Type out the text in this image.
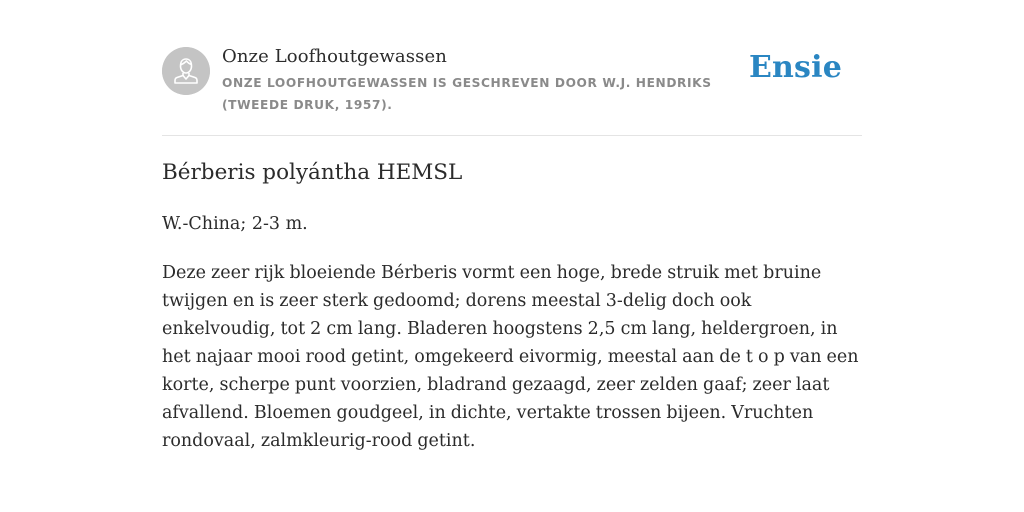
Onze Loofhoutgewassen
ONZE LOOFHOUTGEWASSEN IS GESCHREVEN DOOR W.J. HENDRIKS (TWEEDE DRUK, 1957).
Ensie
Bérberis polyántha HEMSL
W.-China; 2-3 m.

Deze zeer rijk bloeiende Bérberis vormt een hoge, brede struik met bruine twijgen en is zeer sterk gedoomd; dorens meestal 3-delig doch ook enkelvoudig, tot 2 cm lang. Bladeren hoogstens 2,5 cm lang, heldergroen, in het najaar mooi rood getint, omgekeerd eivormig, meestal aan de t o p van een korte, scherpe punt voorzien, bladrand gezaagd, zeer zelden gaaf; zeer laat afvallend. Bloemen goudgeel, in dichte, vertakte trossen bijeen. Vruchten rondovaal, zalmkleurig-rood getint.
